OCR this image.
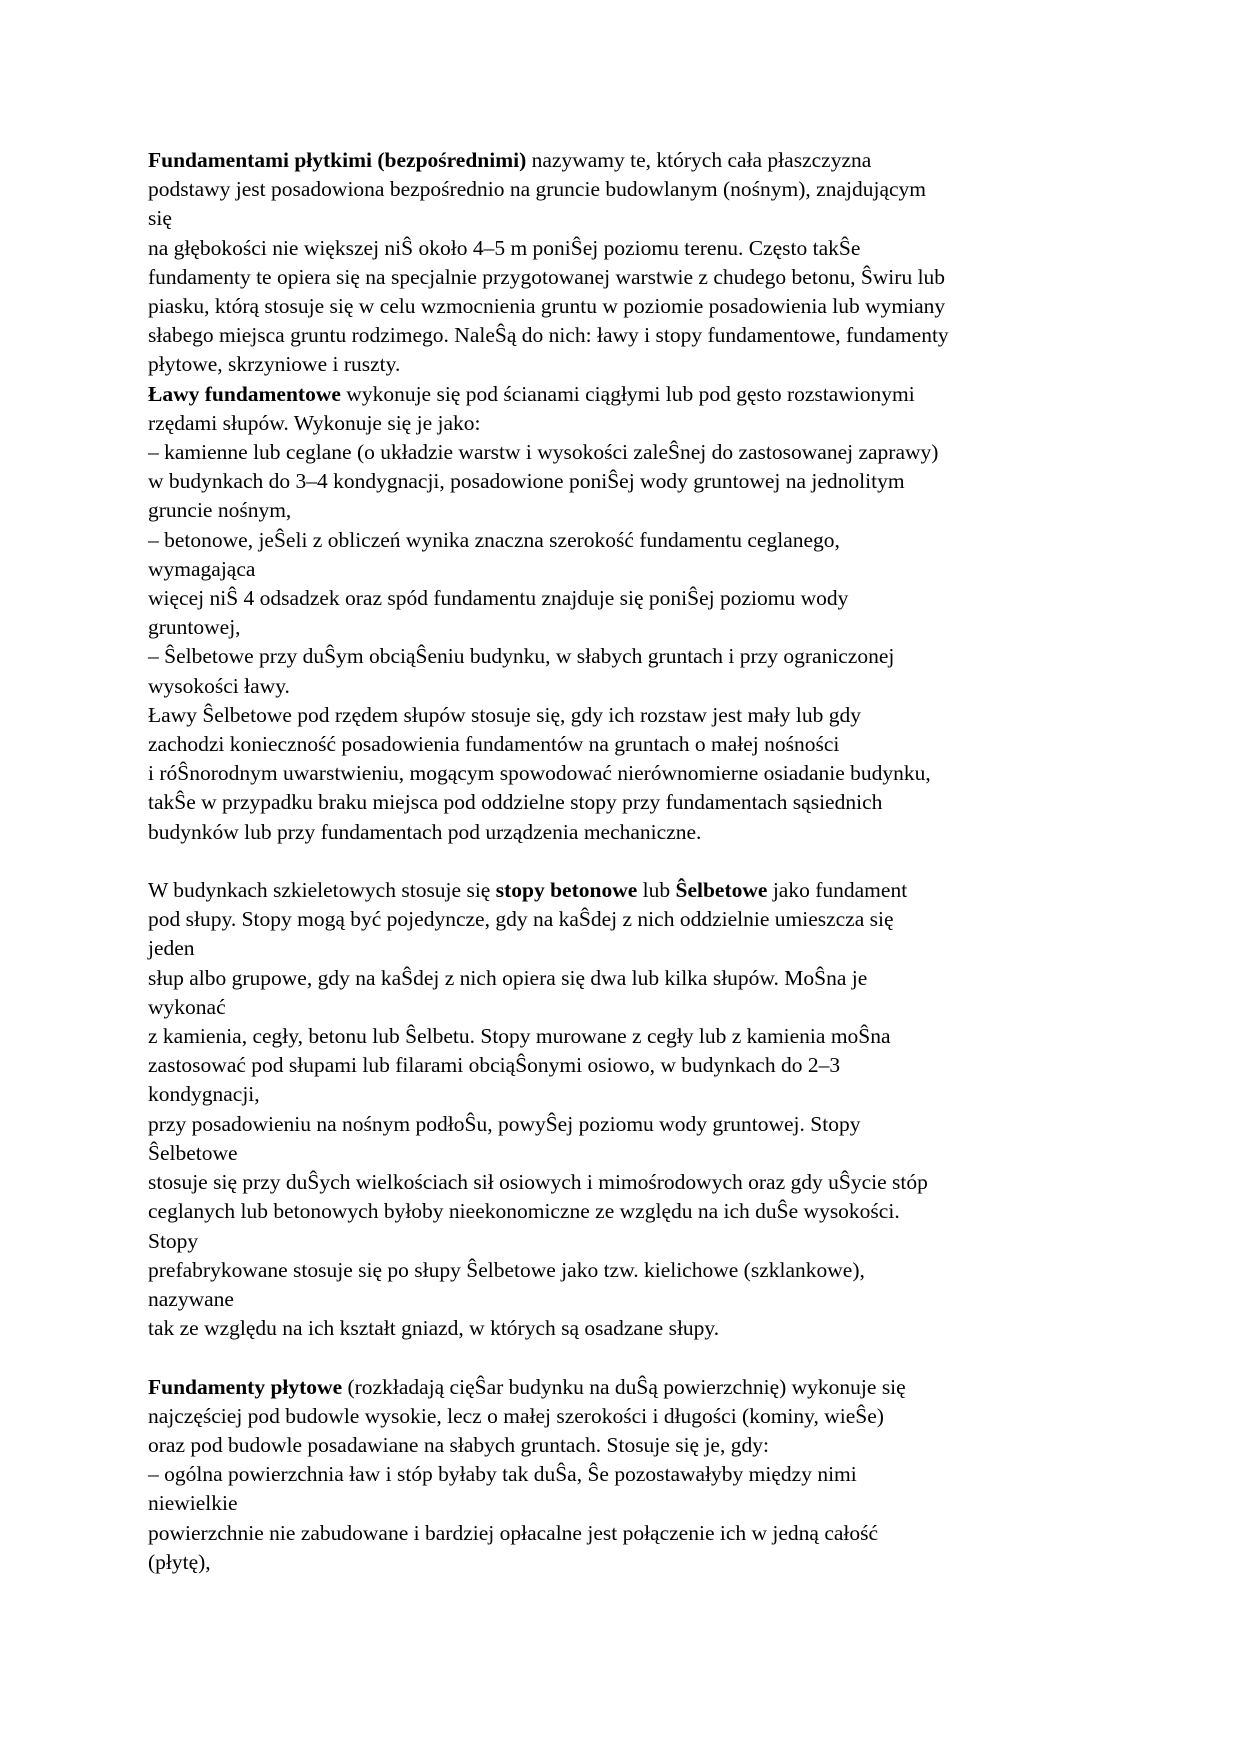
Fundamentami płytkimi (bezpośrednimi) nazywamy te, których cała płaszczyzna
podstawy jest posadowiona bezpośrednio na gruncie budowlanym (nośnym), znajdującym
się
na głębokości nie większej niŜ około 4–5 m poniŜej poziomu terenu. Często takŜe
fundamenty te opiera się na specjalnie przygotowanej warstwie z chudego betonu, Ŝwiru lub
piasku, którą stosuje się w celu wzmocnienia gruntu w poziomie posadowienia lub wymiany
słabego miejsca gruntu rodzimego. NaleŜą do nich: ławy i stopy fundamentowe, fundamenty
płytowe, skrzyniowe i ruszty.
Ławy fundamentowe wykonuje się pod ścianami ciągłymi lub pod gęsto rozstawionymi
rzędami słupów. Wykonuje się je jako:
– kamienne lub ceglane (o układzie warstw i wysokości zaleŜnej do zastosowanej zaprawy)
w budynkach do 3–4 kondygnacji, posadowione poniŜej wody gruntowej na jednolitym
gruncie nośnym,
– betonowe, jeŜeli z obliczeń wynika znaczna szerokość fundamentu ceglanego,
wymagająca
więcej niŜ 4 odsadzek oraz spód fundamentu znajduje się poniŜej poziomu wody
gruntowej,
– Ŝelbetowe przy duŜym obciąŜeniu budynku, w słabych gruntach i przy ograniczonej
wysokości ławy.
Ławy Ŝelbetowe pod rzędem słupów stosuje się, gdy ich rozstaw jest mały lub gdy
zachodzi konieczność posadowienia fundamentów na gruntach o małej nośności
i róŜnorodnym uwarstwieniu, mogącym spowodować nierównomierne osiadanie budynku,
takŜe w przypadku braku miejsca pod oddzielne stopy przy fundamentach sąsiednich
budynków lub przy fundamentach pod urządzenia mechaniczne.
W budynkach szkieletowych stosuje się stopy betonowe lub Ŝelbetowe jako fundament
pod słupy. Stopy mogą być pojedyncze, gdy na kaŜdej z nich oddzielnie umieszcza się
jeden
słup albo grupowe, gdy na kaŜdej z nich opiera się dwa lub kilka słupów. MoŜna je
wykonać
z kamienia, cegły, betonu lub Ŝelbetu. Stopy murowane z cegły lub z kamienia moŜna
zastosować pod słupami lub filarami obciąŜonymi osiowo, w budynkach do 2–3
kondygnacji,
przy posadowieniu na nośnym podłoŜu, powyŜej poziomu wody gruntowej. Stopy
Ŝelbetowe
stosuje się przy duŜych wielkościach sił osiowych i mimośrodowych oraz gdy uŜycie stóp
ceglanych lub betonowych byłoby nieekonomiczne ze względu na ich duŜe wysokości.
Stopy
prefabrykowane stosuje się po słupy Ŝelbetowe jako tzw. kielichowe (szklankowe),
nazywane
tak ze względu na ich kształt gniazd, w których są osadzane słupy.
Fundamenty płytowe (rozkładają cięŜar budynku na duŜą powierzchnię) wykonuje się
najczęściej pod budowle wysokie, lecz o małej szerokości i długości (kominy, wieŜe)
oraz pod budowle posadawiane na słabych gruntach. Stosuje się je, gdy:
– ogólna powierzchnia ław i stóp byłaby tak duŜa, Ŝe pozostawałyby między nimi
niewielkie
powierzchnie nie zabudowane i bardziej opłacalne jest połączenie ich w jedną całość
(płytę),
